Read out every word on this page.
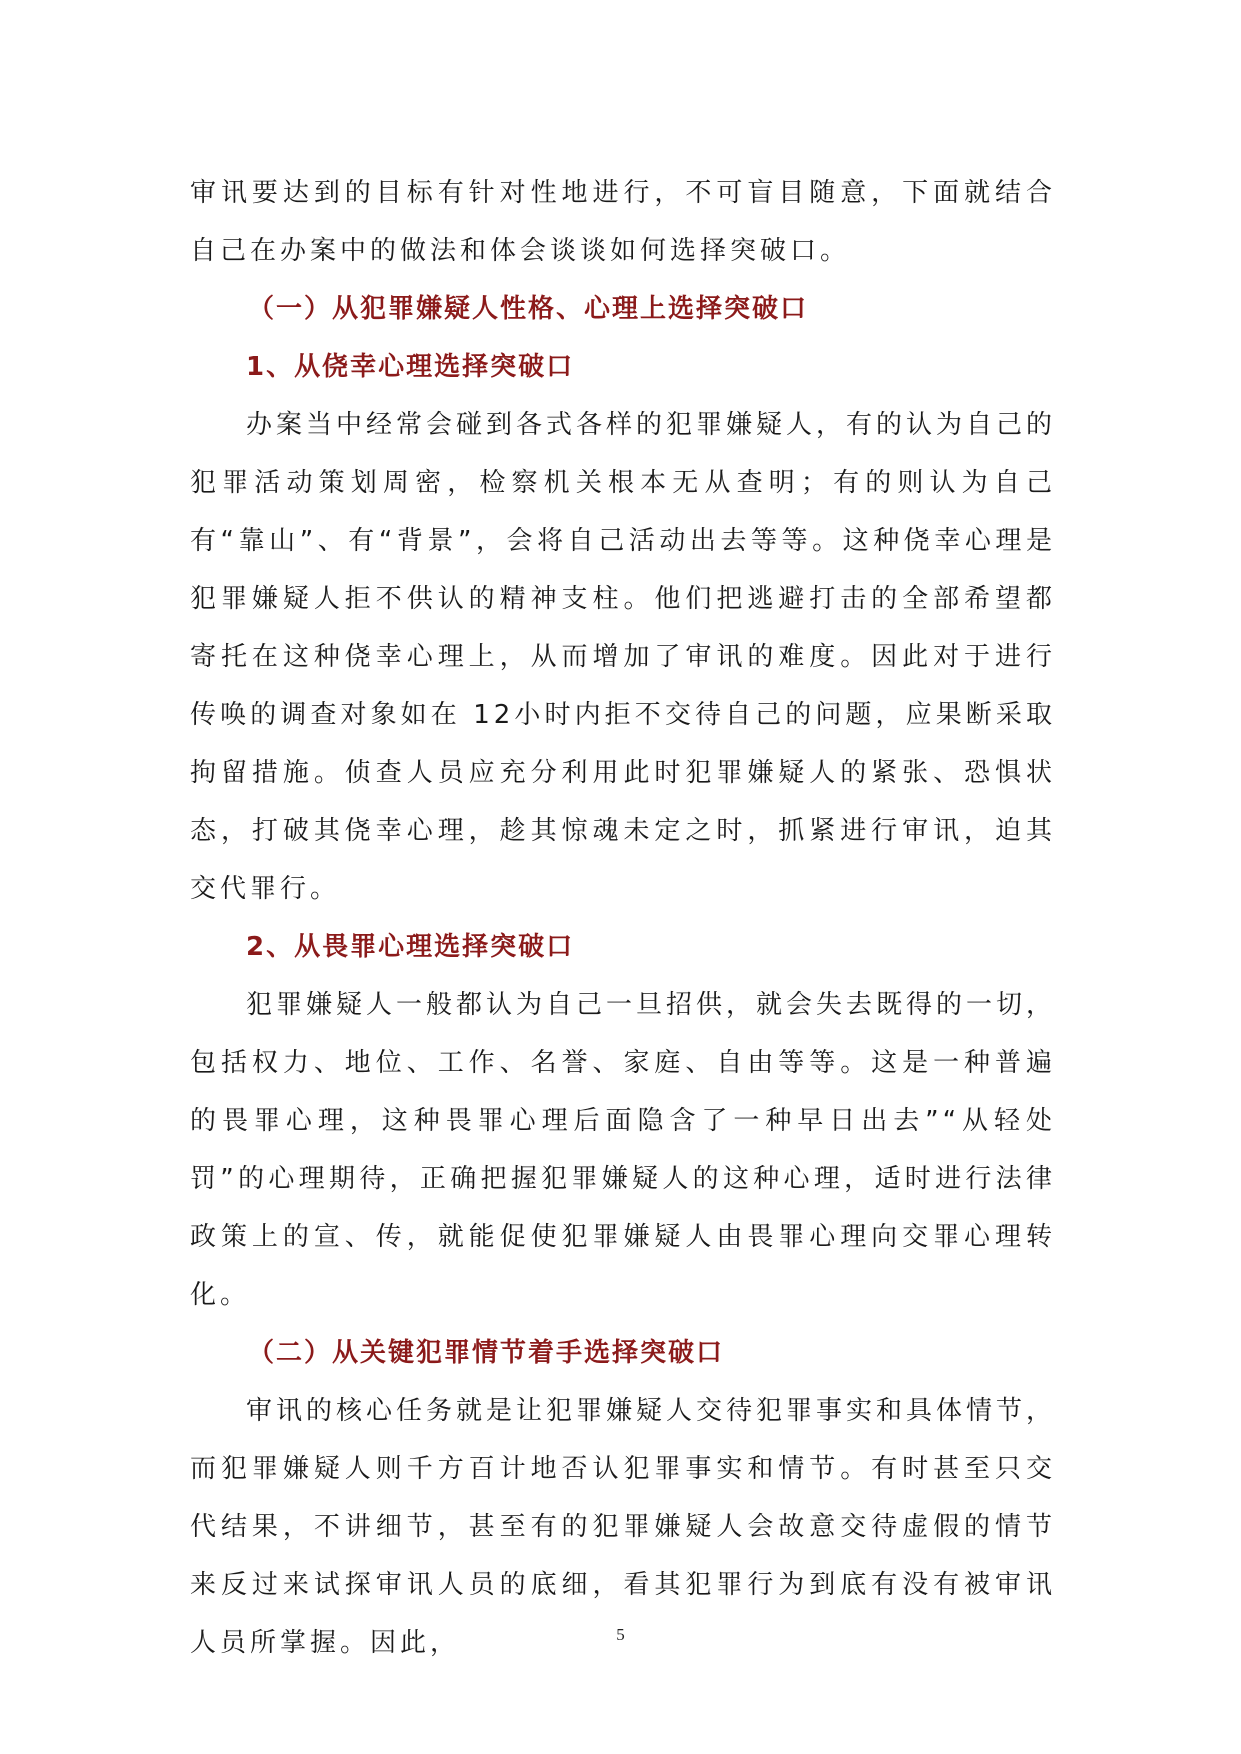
审讯要达到的目标有针对性地进行，不可盲目随意，下面就结合自己在办案中的做法和体会谈谈如何选择突破口。

（一）从犯罪嫌疑人性格、心理上选择突破口

1、从侥幸心理选择突破口

办案当中经常会碰到各式各样的犯罪嫌疑人，有的认为自己的犯罪活动策划周密，检察机关根本无从查明；有的则认为自己有“靠山”、有“背景”，会将自己活动出去等等。这种侥幸心理是犯罪嫌疑人拒不供认的精神支柱。他们把逃避打击的全部希望都寄托在这种侥幸心理上，从而增加了审讯的难度。因此对于进行传唤的调查对象如在 12小时内拒不交待自己的问题，应果断采取拘留措施。侦查人员应充分利用此时犯罪嫌疑人的紧张、恐惧状态，打破其侥幸心理，趁其惊魂未定之时，抓紧进行审讯，迫其交代罪行。

2、从畏罪心理选择突破口

犯罪嫌疑人一般都认为自己一旦招供，就会失去既得的一切，包括权力、地位、工作、名誉、家庭、自由等等。这是一种普遍的畏罪心理，这种畏罪心理后面隐含了一种早日出去”“从轻处罚”的心理期待，正确把握犯罪嫌疑人的这种心理，适时进行法律政策上的宣、传，就能促使犯罪嫌疑人由畏罪心理向交罪心理转化。

（二）从关键犯罪情节着手选择突破口

审讯的核心任务就是让犯罪嫌疑人交待犯罪事实和具体情节，而犯罪嫌疑人则千方百计地否认犯罪事实和情节。有时甚至只交代结果，不讲细节，甚至有的犯罪嫌疑人会故意交待虚假的情节来反过来试探审讯人员的底细，看其犯罪行为到底有没有被审讯人员所掌握。因此，	5
